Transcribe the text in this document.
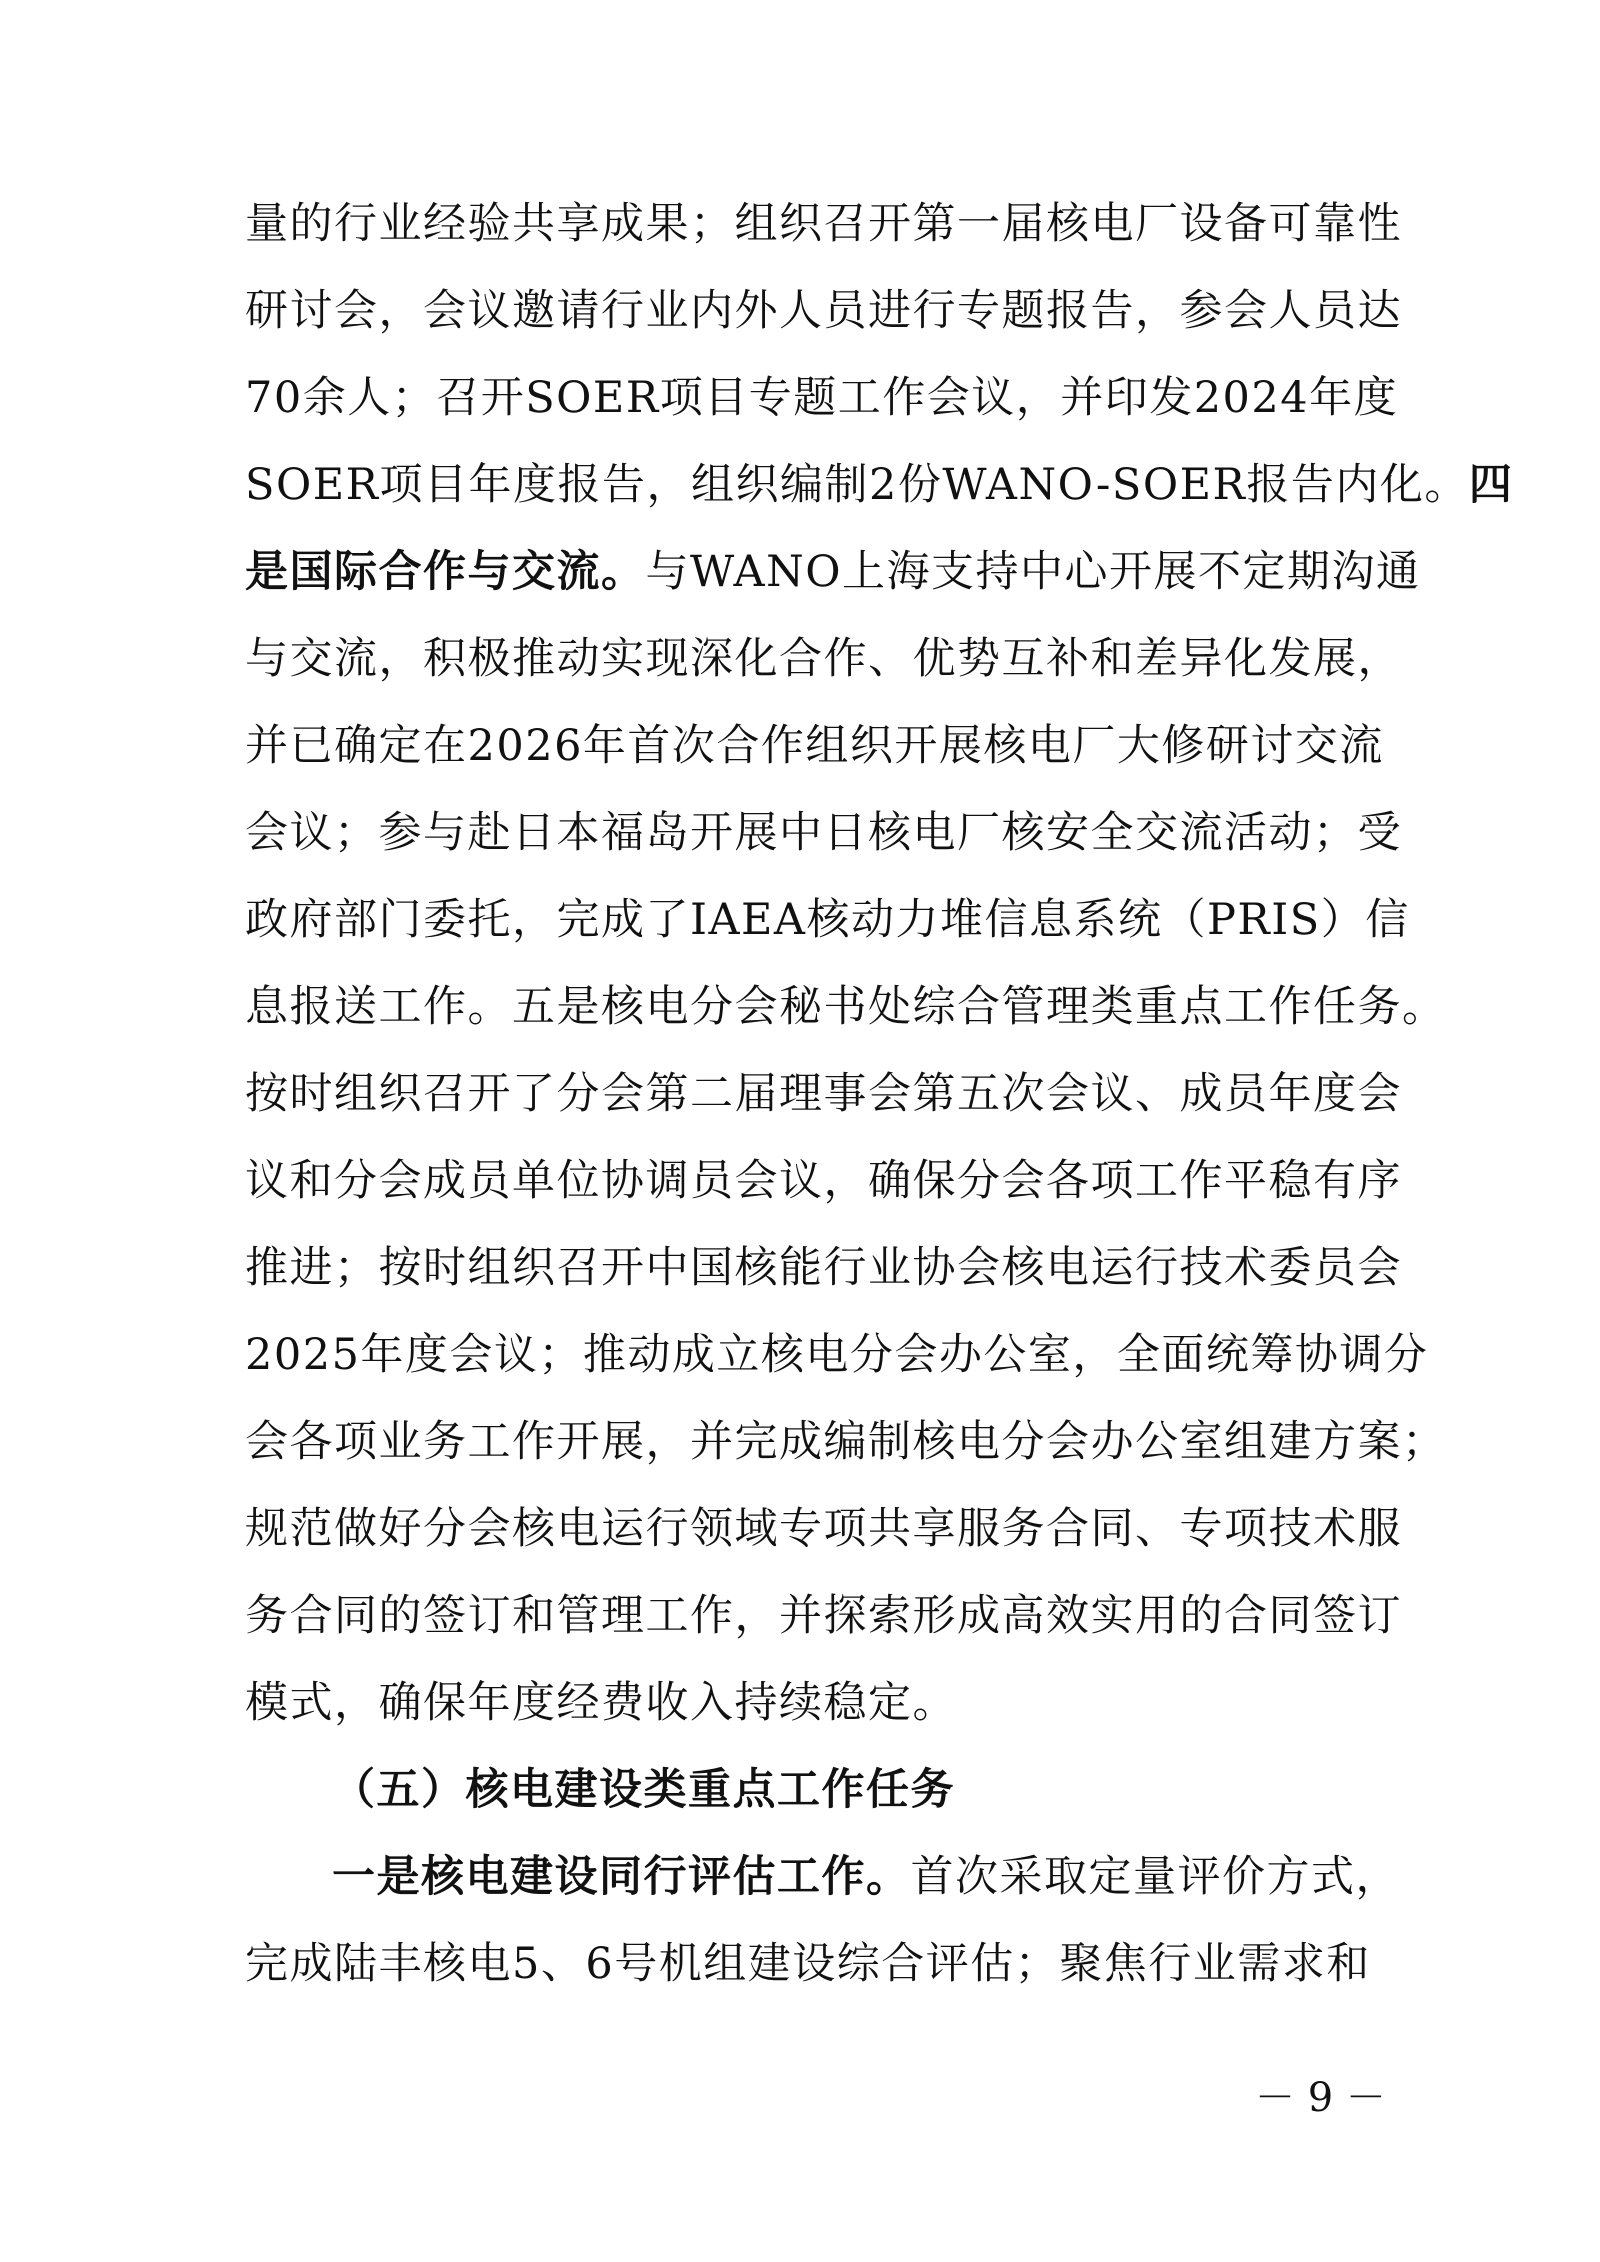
量的行业经验共享成果；组织召开第一届核电厂设备可靠性
研讨会，会议邀请行业内外人员进行专题报告，参会人员达
70余人；召开SOER项目专题工作会议，并印发2024年度
SOER项目年度报告，组织编制2份WANO-SOER报告内化。四
是国际合作与交流。与WANO上海支持中心开展不定期沟通
与交流，积极推动实现深化合作、优势互补和差异化发展，
并已确定在2026年首次合作组织开展核电厂大修研讨交流
会议；参与赴日本福岛开展中日核电厂核安全交流活动；受
政府部门委托，完成了IAEA核动力堆信息系统（PRIS）信
息报送工作。五是核电分会秘书处综合管理类重点工作任务。
按时组织召开了分会第二届理事会第五次会议、成员年度会
议和分会成员单位协调员会议，确保分会各项工作平稳有序
推进；按时组织召开中国核能行业协会核电运行技术委员会
2025年度会议；推动成立核电分会办公室，全面统筹协调分
会各项业务工作开展，并完成编制核电分会办公室组建方案；
规范做好分会核电运行领域专项共享服务合同、专项技术服
务合同的签订和管理工作，并探索形成高效实用的合同签订
模式，确保年度经费收入持续稳定。
（五）核电建设类重点工作任务
一是核电建设同行评估工作。首次采取定量评价方式，
完成陆丰核电5、6号机组建设综合评估；聚焦行业需求和
－ 9 －
